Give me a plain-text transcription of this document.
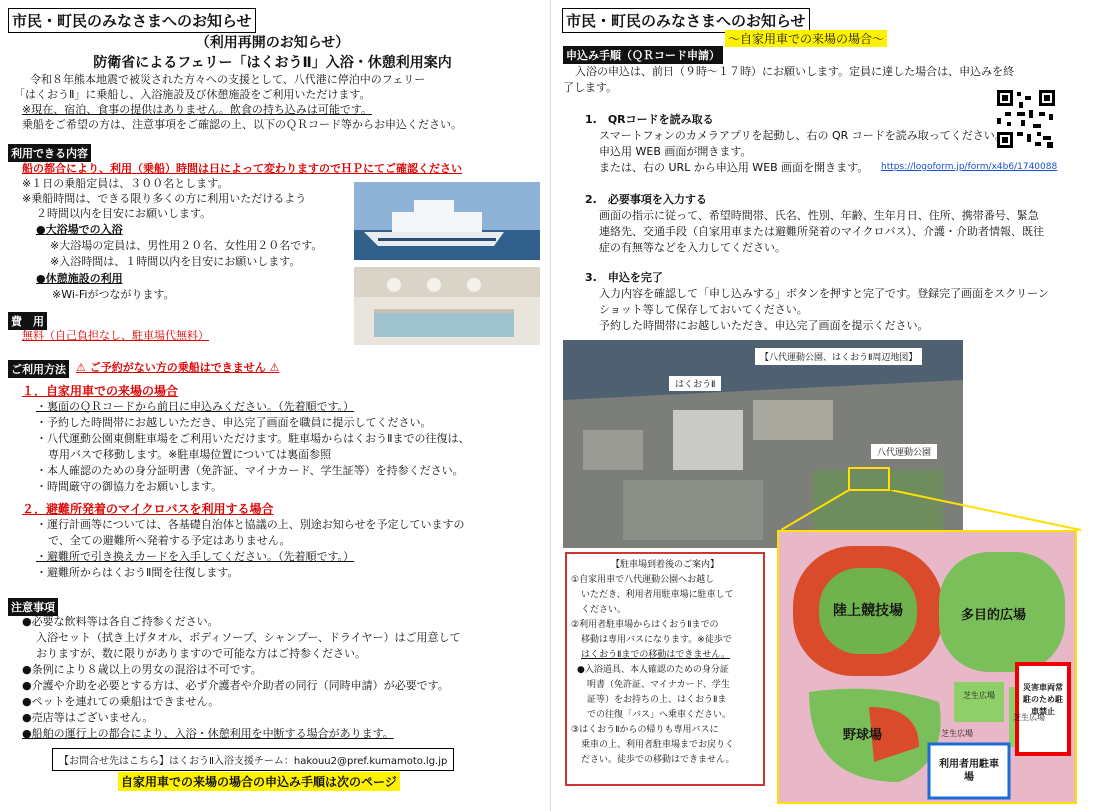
市民・町民のみなさまへのお知らせ
（利用再開のお知らせ）
防衛省によるフェリー「はくおうⅡ」入浴・休憩利用案内
令和８年熊本地震で被災された方々への支援として、八代港に停泊中のフェリー
「はくおうⅡ」に乗船し、入浴施設及び休憩施設をご利用いただけます。
※現在、宿泊、食事の提供はありません。飲食の持ち込みは可能です。
乗船をご希望の方は、注意事項をご確認の上、以下のＱＲコード等からお申込ください。
利用できる内容
船の都合により、利用（乗船）時間は日によって変わりますのでＨＰにてご確認ください
※１日の乗船定員は、３００名とします。
※乗船時間は、できる限り多くの方に利用いただけるよう
２時間以内を目安にお願いします。
●大浴場での入浴
※大浴場の定員は、男性用２０名、女性用２０名です。
※入浴時間は、１時間以内を目安にお願いします。
●休憩施設の利用
※Wi-Fiがつながります。
費　用
無料（自己負担なし、駐車場代無料）
ご利用方法 ⚠ ご予約がない方の乗船はできません ⚠
１．自家用車での来場の場合
・裏面のＱＲコードから前日に申込みください。（先着順です。）
・予約した時間帯にお越しいただき、申込完了画面を職員に提示してください。
・八代運動公園東側駐車場をご利用いただけます。駐車場からはくおうⅡまでの往復は、
専用バスで移動します。※駐車場位置については裏面参照
・本人確認のための身分証明書（免許証、マイナカード、学生証等）を持参ください。
・時間厳守の御協力をお願いします。
２．避難所発着のマイクロバスを利用する場合
・運行計画等については、各基礎自治体と協議の上、別途お知らせを予定していますの
で、全ての避難所へ発着する予定はありません。
・避難所で引き換えカードを入手してください。（先着順です。）
・避難所からはくおうⅡ間を往復します。
注意事項
●必要な飲料等は各自ご持参ください。
入浴セット（拭き上げタオル、ボディソープ、シャンプー、ドライヤー）はご用意して
おりますが、数に限りがありますので可能な方はご持参ください。
●条例により８歳以上の男女の混浴は不可です。
●介護や介助を必要とする方は、必ず介護者や介助者の同行（同時申請）が必要です。
●ペットを連れての乗船はできません。
●売店等はございません。
●船舶の運行上の都合により、入浴・休憩利用を中断する場合があります。
【お問合せ先はこちら】はくおうⅡ入浴支援チーム：hakouu2@pref.kumamoto.lg.jp
自家用車での来場の場合の申込み手順は次のページ
市民・町民のみなさまへのお知らせ
～自家用車での来場の場合～
申込み手順（ＱＲコード申請）
入浴の申込は、前日（９時～１７時）にお願いします。定員に達した場合は、申込みを終
了します。
1.　QRコードを読み取る
スマートフォンのカメラアプリを起動し、右の QR コードを読み取ってください。
申込用 WEB 画面が開きます。
または、右の URL から申込用 WEB 画面を開きます。 https://logoform.jp/form/x4b6/1740088
2.　必要事項を入力する
画面の指示に従って、希望時間帯、氏名、性別、年齢、生年月日、住所、携帯番号、緊急
連絡先、交通手段（自家用車または避難所発着のマイクロバス）、介護・介助者情報、既往
症の有無等などを入力してください。
3.　申込を完了
入力内容を確認して「申し込みする」ボタンを押すと完了です。登録完了画面をスクリーン
ショット等して保存しておいてください。
予約した時間帯にお越しいただき、申込完了画面を提示ください。
【八代運動公園、はくおうⅡ周辺地図】
はくおうⅡ
八代運動公園
【駐車場到着後のご案内】
①自家用車で八代運動公園へお越し
いただき、利用者用駐車場に駐車して
ください。
②利用者駐車場からはくおうⅡまでの
移動は専用バスになります。※徒歩で
はくおうⅡまでの移動はできません。
●入浴道具、本人確認のための身分証
明書（免許証、マイナカード、学生
証等）をお持ちの上、はくおうⅡま
での往復「バス」へ乗車ください。
③はくおうⅡからの帰りも専用バスに
乗車の上、利用者駐車場までお戻りく
ださい。徒歩での移動はできません。
陸上競技場	多目的広場
野球場
芝生広場
芝生広場
芝生広場
災害車両常駐のため駐車禁止
利用者用駐車場
